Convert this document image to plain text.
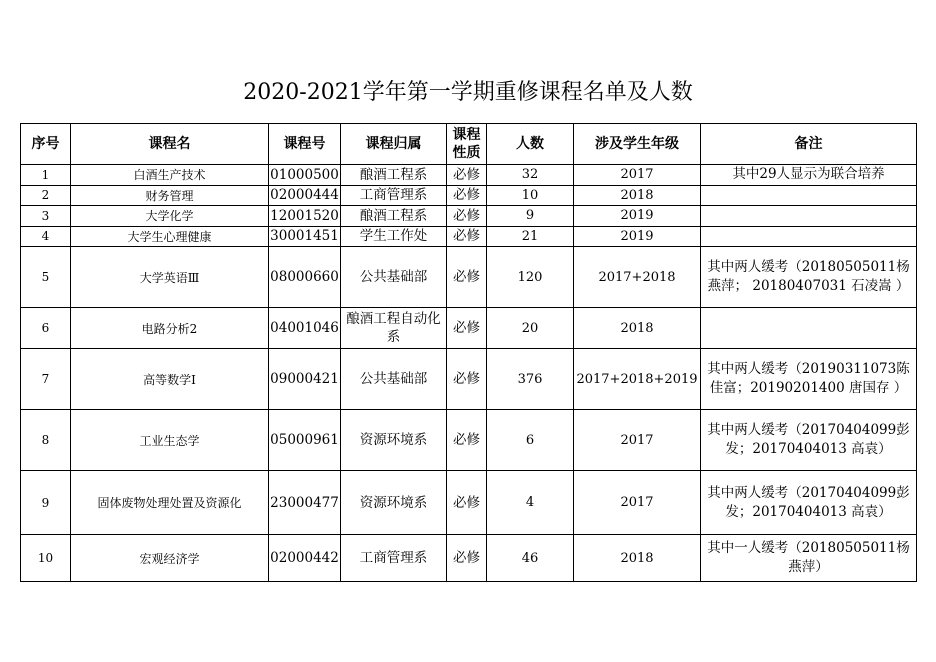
2020-2021学年第一学期重修课程名单及人数
序号	课程名	课程号	课程归属	课程性质	人数	涉及学生年级	备注
1	白酒生产技术	01000500	酿酒工程系	必修	32	2017	其中29人显示为联合培养
2	财务管理	02000444	工商管理系	必修	10	2018	
3	大学化学	12001520	酿酒工程系	必修	9	2019	
4	大学生心理健康	30001451	学生工作处	必修	21	2019	
5	大学英语Ⅲ	08000660	公共基础部	必修	120	2017+2018	其中两人缓考（20180505011杨燕萍； 20180407031 石凌嵩 ）
6	电路分析2	04001046	酿酒工程自动化系	必修	20	2018	
7	高等数学Ⅰ	09000421	公共基础部	必修	376	2017+2018+2019	其中两人缓考（20190311073陈佳富；20190201400 唐国存 ）
8	工业生态学	05000961	资源环境系	必修	6	2017	其中两人缓考（20170404099彭发；20170404013 高袁）
9	固体废物处理处置及资源化	23000477	资源环境系	必修	4	2017	其中两人缓考（20170404099彭发；20170404013 高袁）
10	宏观经济学	02000442	工商管理系	必修	46	2018	其中一人缓考（20180505011杨燕萍）
